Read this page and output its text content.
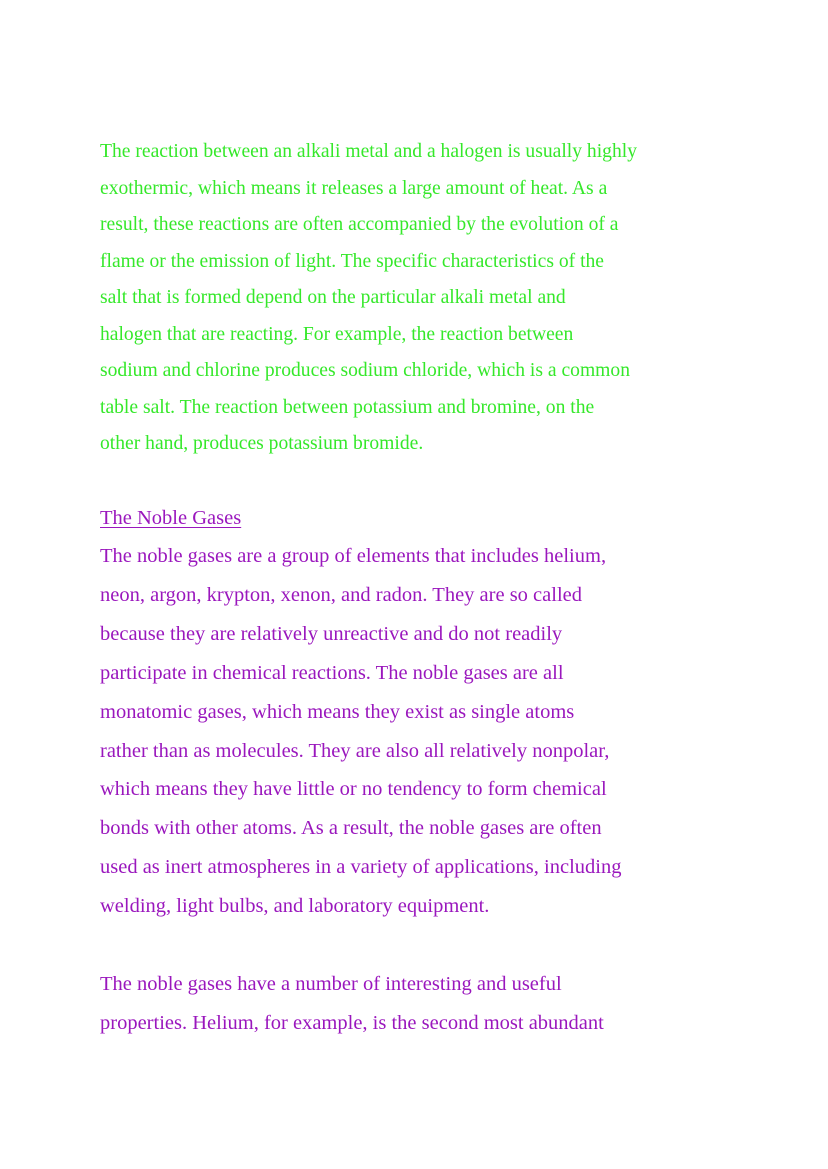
The reaction between an alkali metal and a halogen is usually highly
exothermic, which means it releases a large amount of heat. As a
result, these reactions are often accompanied by the evolution of a
flame or the emission of light. The specific characteristics of the
salt that is formed depend on the particular alkali metal and
halogen that are reacting. For example, the reaction between
sodium and chlorine produces sodium chloride, which is a common
table salt. The reaction between potassium and bromine, on the
other hand, produces potassium bromide.

The Noble Gases

The noble gases are a group of elements that includes helium,
neon, argon, krypton, xenon, and radon. They are so called
because they are relatively unreactive and do not readily
participate in chemical reactions. The noble gases are all
monatomic gases, which means they exist as single atoms
rather than as molecules. They are also all relatively nonpolar,
which means they have little or no tendency to form chemical
bonds with other atoms. As a result, the noble gases are often
used as inert atmospheres in a variety of applications, including
welding, light bulbs, and laboratory equipment.

The noble gases have a number of interesting and useful
properties. Helium, for example, is the second most abundant
